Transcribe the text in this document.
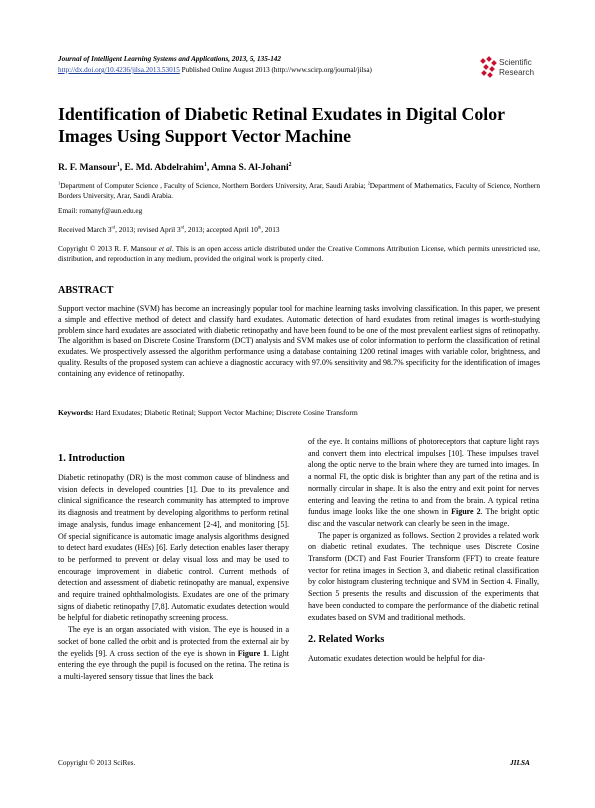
Journal of Intelligent Learning Systems and Applications, 2013, 5, 135-142
http://dx.doi.org/10.4236/jilsa.2013.53015 Published Online August 2013 (http://www.scirp.org/journal/jilsa)
Scientific
Research
Identification of Diabetic Retinal Exudates in Digital Color Images Using Support Vector Machine
R. F. Mansour$^1$, E. Md. Abdelrahim$^1$, Amna S. Al-Johani$^2$
$^1$Department of Computer Science , Faculty of Science, Northern Borders University, Arar, Saudi Arabia; $^2$Department of Mathematics, Faculty of Science, Northern Borders University, Arar, Saudi Arabia.
Email: romanyf@aun.edu.eg
Received March 3rd, 2013; revised April 3rd, 2013; accepted April 10th, 2013
Copyright © 2013 R. F. Mansour et al. This is an open access article distributed under the Creative Commons Attribution License, which permits unrestricted use, distribution, and reproduction in any medium, provided the original work is properly cited.
ABSTRACT
Support vector machine (SVM) has become an increasingly popular tool for machine learning tasks involving classification. In this paper, we present a simple and effective method of detect and classify hard exudates. Automatic detection of hard exudates from retinal images is worth-studying problem since hard exudates are associated with diabetic retinopathy and have been found to be one of the most prevalent earliest signs of retinopathy. The algorithm is based on Discrete Cosine Transform (DCT) analysis and SVM makes use of color information to perform the classification of retinal exudates. We prospectively assessed the algorithm performance using a database containing 1200 retinal images with variable color, brightness, and quality. Results of the proposed system can achieve a diagnostic accuracy with 97.0% sensitivity and 98.7% specificity for the identification of images containing any evidence of retinopathy.
Keywords: Hard Exudates; Diabetic Retinal; Support Vector Machine; Discrete Cosine Transform
1. Introduction

Diabetic retinopathy (DR) is the most common cause of blindness and vision defects in developed countries [1]. Due to its prevalence and clinical significance the research community has attempted to improve its diagnosis and treatment by developing algorithms to perform retinal image analysis, fundus image enhancement [2-4], and monitoring [5]. Of special significance is automatic image analysis algorithms designed to detect hard exudates (HEs) [6]. Early detection enables laser therapy to be performed to prevent or delay visual loss and may be used to encourage improvement in diabetic control. Current methods of detection and assessment of diabetic retinopathy are manual, expensive and require trained ophthalmologists. Exudates are one of the primary signs of diabetic retinopathy [7,8]. Automatic exudates detection would be helpful for diabetic retinopathy screening process.

The eye is an organ associated with vision. The eye is housed in a socket of bone called the orbit and is protected from the external air by the eyelids [9]. A cross section of the eye is shown in Figure 1. Light entering the eye through the pupil is focused on the retina. The retina is a multi-layered sensory tissue that lines the back

of the eye. It contains millions of photoreceptors that capture light rays and convert them into electrical impulses [10]. These impulses travel along the optic nerve to the brain where they are turned into images. In a normal FI, the optic disk is brighter than any part of the retina and is normally circular in shape. It is also the entry and exit point for nerves entering and leaving the retina to and from the brain. A typical retina fundus image looks like the one shown in Figure 2. The bright optic disc and the vascular network can clearly be seen in the image.

The paper is organized as follows. Section 2 provides a related work on diabetic retinal exudates. The technique uses Discrete Cosine Transform (DCT) and Fast Fourier Transform (FFT) to create feature vector for retina images in Section 3, and diabetic retinal classification by color histogram clustering technique and SVM in Section 4. Finally, Section 5 presents the results and discussion of the experiments that have been conducted to compare the performance of the diabetic retinal exudates based on SVM and traditional methods.

2. Related Works

Automatic exudates detection would be helpful for dia-

Copyright © 2013 SciRes.	JILSA
